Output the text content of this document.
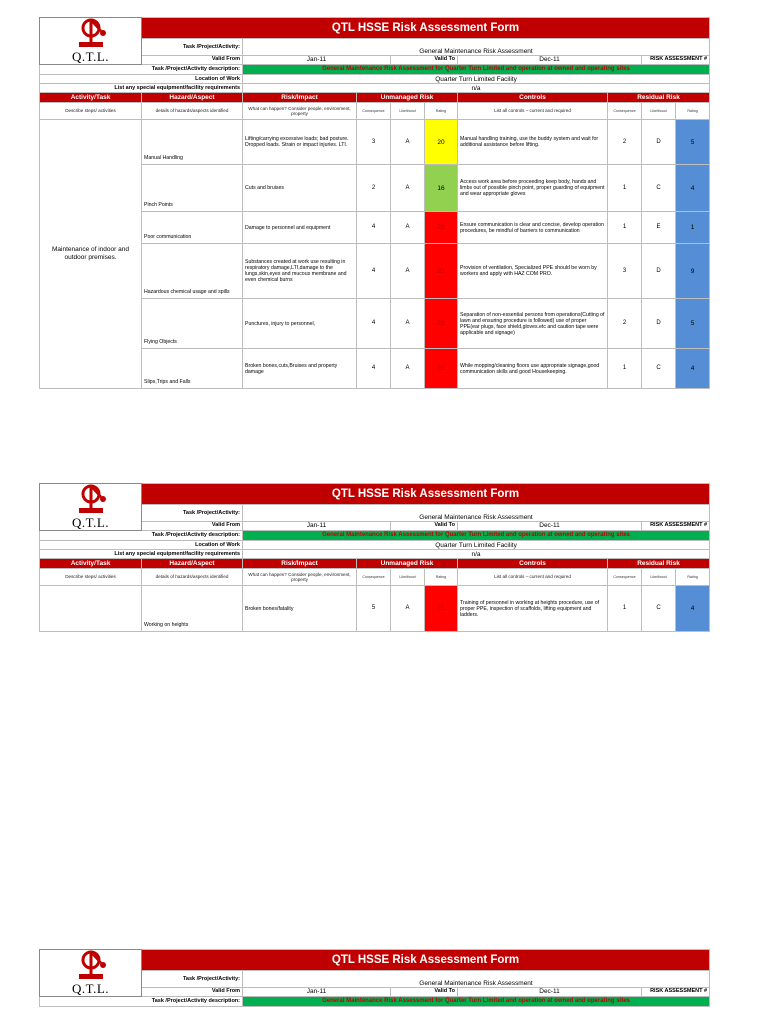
Q.T.L.	QTL HSSE Risk Assessment Form									
	Task /Project/Activity:	General Maintenance Risk Assessment								
	Valid From	Jan-11		Valid To		Dec-11		RISK ASSESSMENT #	

Task /Project/Activity description:		General Maintenance Risk Assessment for Quarter Turn Limited and operation at owned and operating sites								
Location of Work		Quarter Turn Limited Facility								
List any special equipment/facility requirements		n/a								
Activity/Task	Hazard/Aspect	Risk/Impact	Unmanaged Risk			Controls	Residual Risk			
Describe steps/ activities	details of hazards/aspects identified	What can happen? Consider people, environment, property	Consequence	Likelihood	Rating	List all controls – current and required	Consequence	Likelihood	Rating	
Maintenance of indoor and outdoor premises.	Manual Handling	Lifting/carrying excessive loads; bad posture. Dropped loads. Strain or impact injuries. LTI.	3	A	20	Manual handling training, use the buddy system and wait for additional assistance before lifting.	2	D	5	
	Pinch Points	Cuts and bruises	2	A	16	Access work area before proceeding keep body, hands and limbs out of possible pinch point, proper guarding of equipment and wear appropriate gloves	1	C	4	
	Poor communication	Damage to personnel and equipment	4	A	23	Ensure communication is clear and concise, develop operation procedures, be mindful of barriers to communication	1	E	1	
	Hazardous chemical usage and spills	Substances created at work use resulting in respiratory damage,LTI,damage to the lungs,skin,eyes and mucous membrane and even chemical burns	4	A	23	Provision of ventilation, Specialized PPE should be worn by workers and apply with HAZ COM PRO.	3	D	9	
	Flying Objects	Punctures, injury to personnel,	4	A	23	Separation of non-essential persons from operations(Cutting of lawn and ensuring procedure is followed) use of proper PPE(ear plugs, face shield,gloves.etc and caution tape were applicable and signage)	2	D	5	
	Slips,Trips and Falls	Broken bones,cuts,Bruises and property damage	4	A	23	While mopping/cleaning floors use appropriate signage,good communication skills and good Housekeeping.	1	C	4	
Q.T.L.	QTL HSSE Risk Assessment Form									
	Task /Project/Activity:	General Maintenance Risk Assessment								
	Valid From	Jan-11		Valid To		Dec-11		RISK ASSESSMENT #	
Task /Project/Activity description:		General Maintenance Risk Assessment for Quarter Turn Limited and operation at owned and operating sites								
Location of Work		Quarter Turn Limited Facility								
List any special equipment/facility requirements		n/a								
Activity/Task	Hazard/Aspect	Risk/Impact	Unmanaged Risk			Controls	Residual Risk			
Describe steps/ activities	details of hazards/aspects identified	What can happen? Consider people, environment, property	Consequence	Likelihood	Rating	List all controls – current and required	Consequence	Likelihood	Rating	
	Working on heights	Broken bones/fatality	5	A	25	Training of personnel in working at heights procedure, use of proper PPE, inspection of scaffolds, lifting equipment and ladders.	1	C	4	
Q.T.L.	QTL HSSE Risk Assessment Form					
	Task /Project/Activity:	General Maintenance Risk Assessment				
	Valid From	Jan-11	Valid To	Dec-11	RISK ASSESSMENT #	
Task /Project/Activity description:		General Maintenance Risk Assessment for Quarter Turn Limited and operation at owned and operating sites				
